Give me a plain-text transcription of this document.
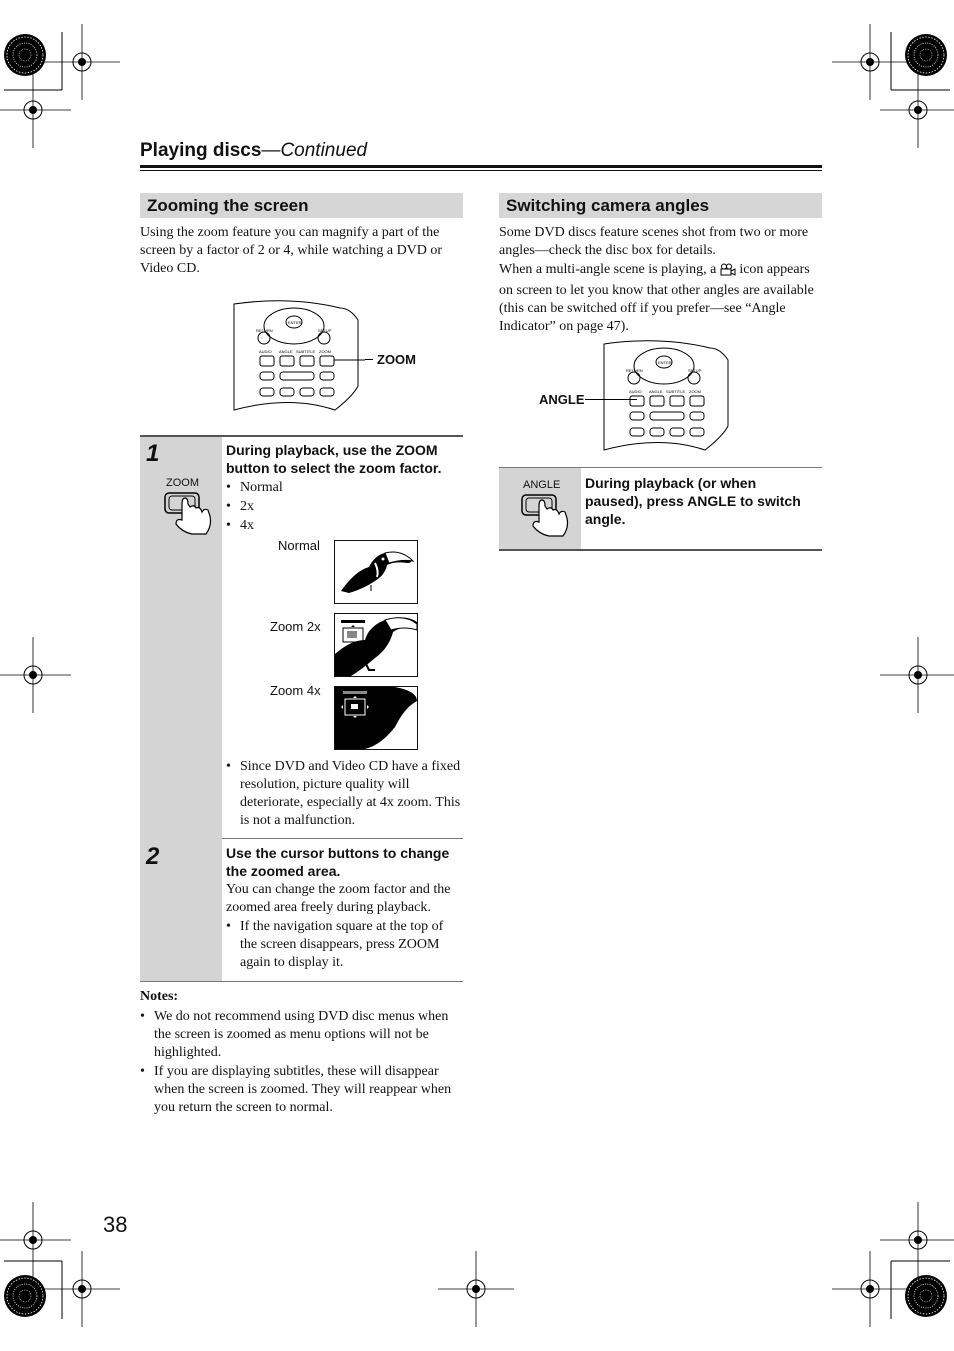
Playing discs—Continued
Zooming the screen
Using the zoom feature you can magnify a part of the screen by a factor of 2 or 4, while watching a DVD or Video CD.
ENTER
RETURN	SETUP
AUDIO ANGLE SUBTITLE ZOOM
ZOOM
1
ZOOM
During playback, use the ZOOM button to select the zoom factor.
• Normal
• 2x
• 4x
Normal
Zoom 2x
Zoom 4x
• Since DVD and Video CD have a fixed resolution, picture quality will deteriorate, especially at 4x zoom. This is not a malfunction.
2	Use the cursor buttons to change the zoomed area.
You can change the zoom factor and the zoomed area freely during playback.
• If the navigation square at the top of the screen disappears, press ZOOM again to display it.
Notes:
• We do not recommend using DVD disc menus when the screen is zoomed as menu options will not be highlighted.
• If you are displaying subtitles, these will disappear when the screen is zoomed. They will reappear when you return the screen to normal.
Switching camera angles
Some DVD discs feature scenes shot from two or more angles—check the disc box for details.
When a multi-angle scene is playing, a icon appears on screen to let you know that other angles are available (this can be switched off if you prefer—see “Angle Indicator” on page 47).
ENTER
RETURN	SETUP
AUDIO ANGLE SUBTITLE ZOOM
ANGLE
ANGLE During playback (or when paused), press ANGLE to switch angle.
38
